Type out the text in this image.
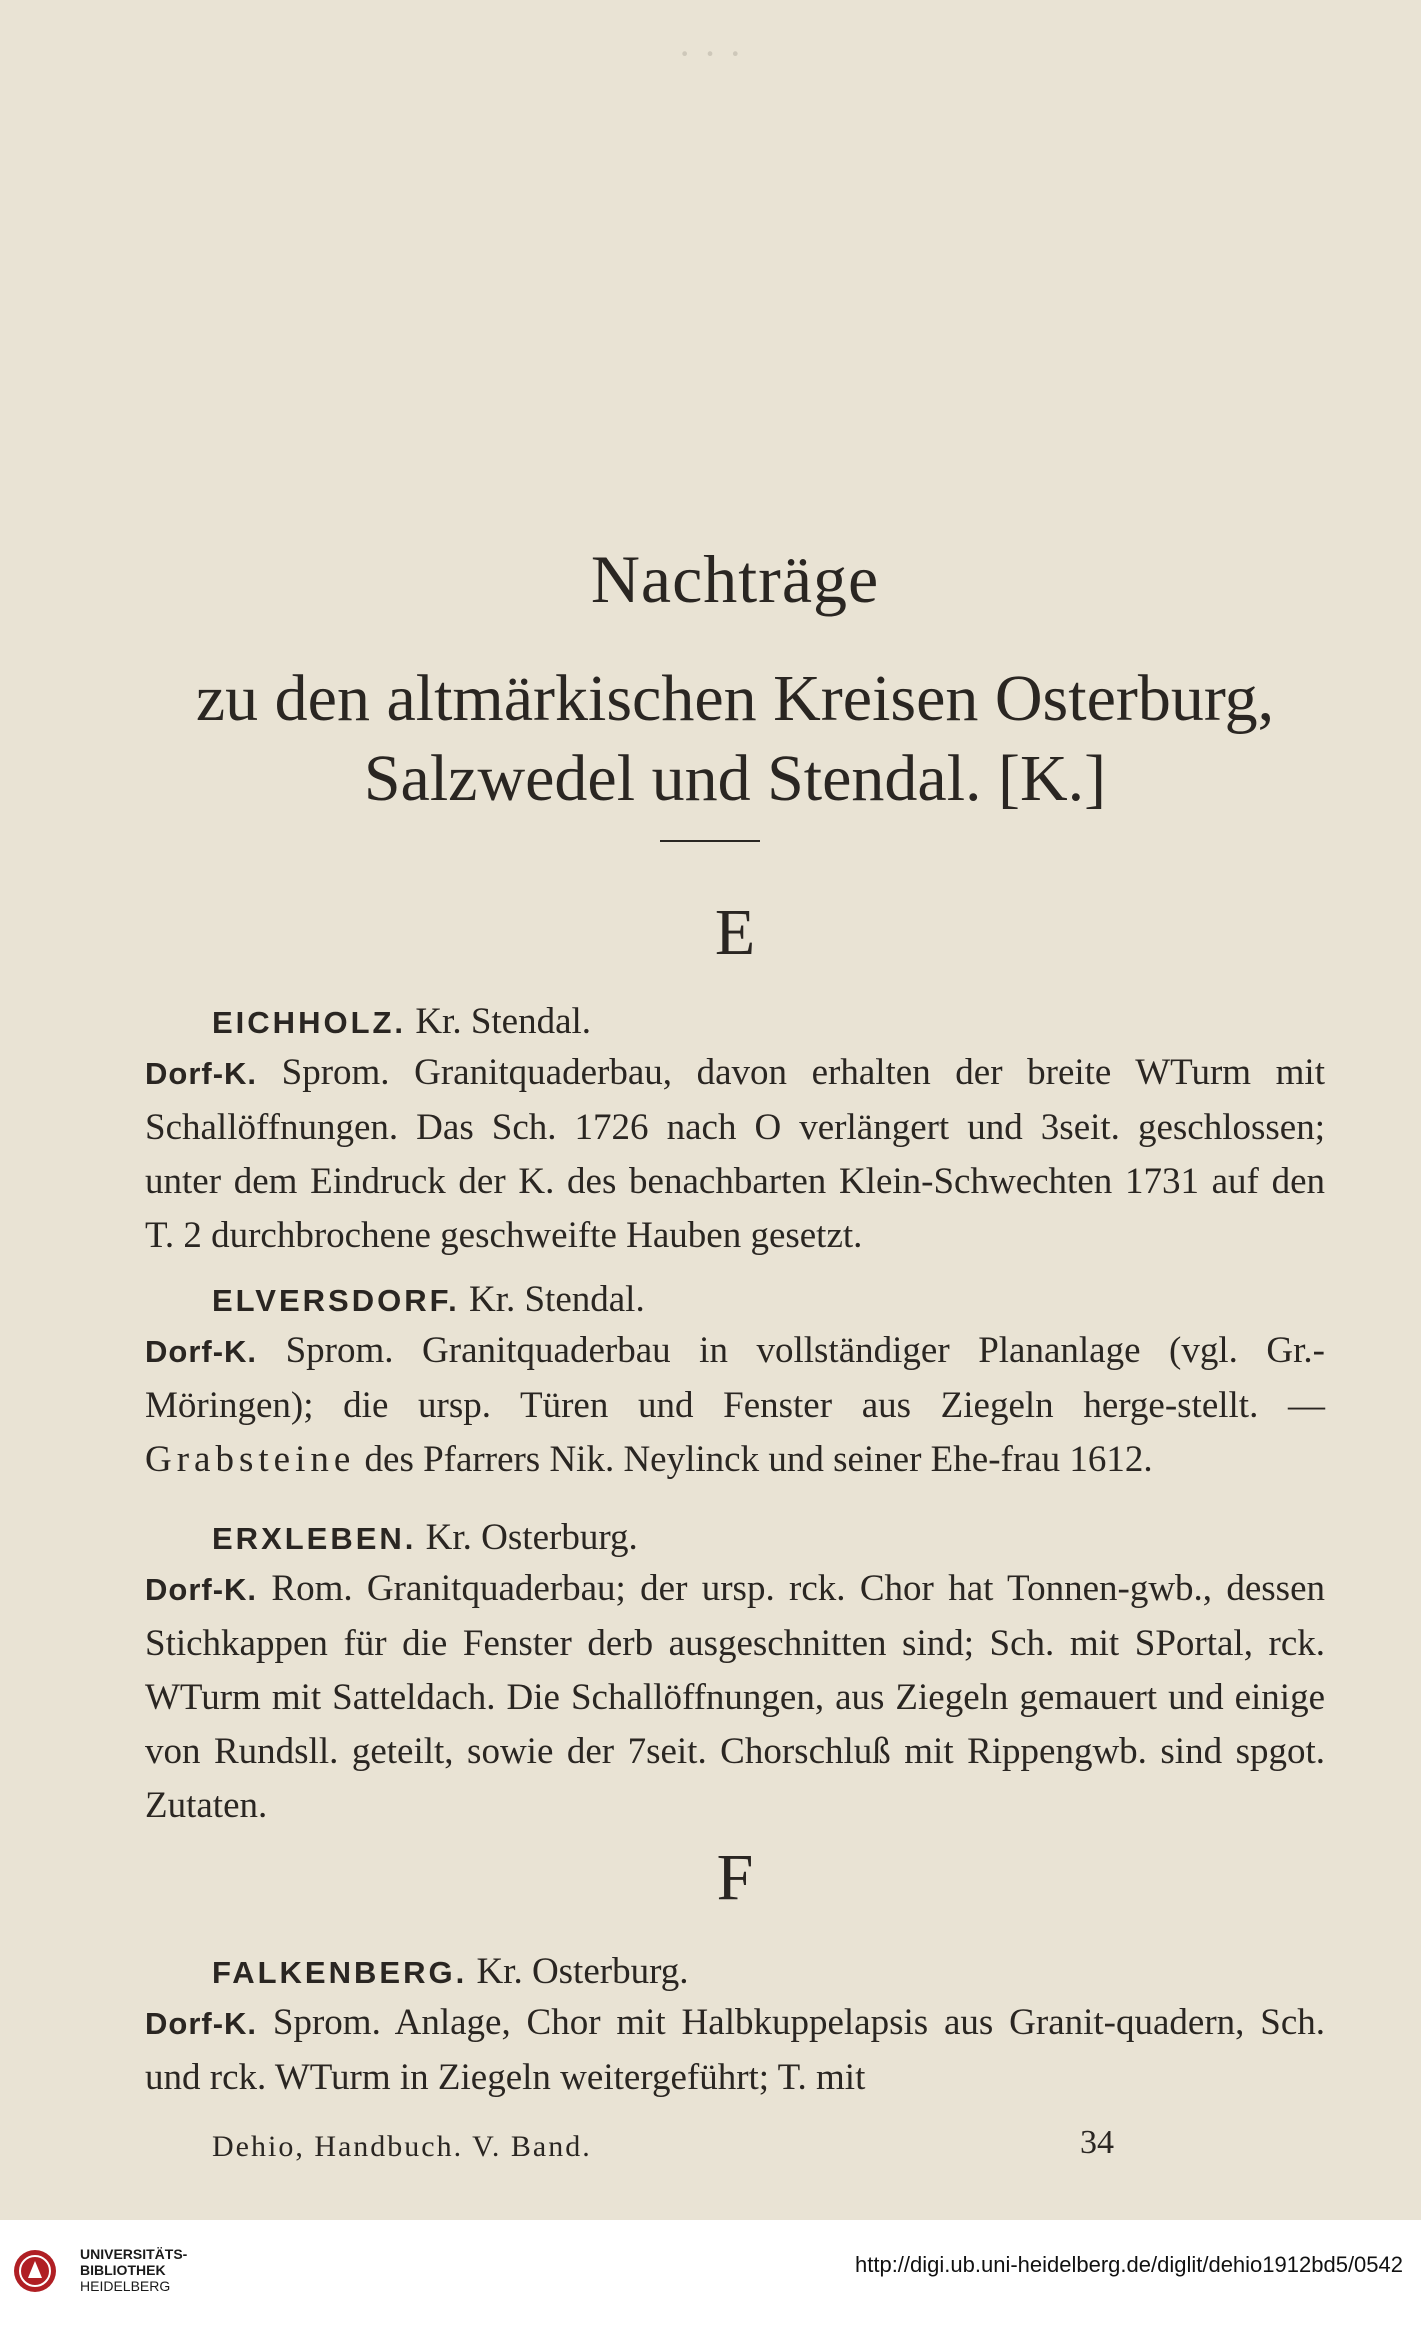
· · ·
Nachträge
zu den altmärkischen Kreisen Osterburg,
Salzwedel und Stendal. [K.]
E
EICHHOLZ. Kr. Stendal.
Dorf-K. Sprom. Granitquaderbau, davon erhalten der breite WTurm mit Schallöffnungen. Das Sch. 1726 nach O verlängert und 3seit. geschlossen; unter dem Eindruck der K. des benachbarten Klein-Schwechten 1731 auf den T. 2 durchbrochene geschweifte Hauben gesetzt.
ELVERSDORF. Kr. Stendal.
Dorf-K. Sprom. Granitquaderbau in vollständiger Plananlage (vgl. Gr.-Möringen); die ursp. Türen und Fenster aus Ziegeln herge-stellt. — Grabsteine des Pfarrers Nik. Neylinck und seiner Ehe-frau 1612.
ERXLEBEN. Kr. Osterburg.
Dorf-K. Rom. Granitquaderbau; der ursp. rck. Chor hat Tonnen-gwb., dessen Stichkappen für die Fenster derb ausgeschnitten sind; Sch. mit SPortal, rck. WTurm mit Satteldach. Die Schallöffnungen, aus Ziegeln gemauert und einige von Rundsll. geteilt, sowie der 7seit. Chorschluß mit Rippengwb. sind spgot. Zutaten.
F
FALKENBERG. Kr. Osterburg.
Dorf-K. Sprom. Anlage, Chor mit Halbkuppelapsis aus Granit-quadern, Sch. und rck. WTurm in Ziegeln weitergeführt; T. mit
Dehio, Handbuch. V. Band.	34
UNIVERSITÄTS-
BIBLIOTHEK
HEIDELBERG
http://digi.ub.uni-heidelberg.de/diglit/dehio1912bd5/0542
